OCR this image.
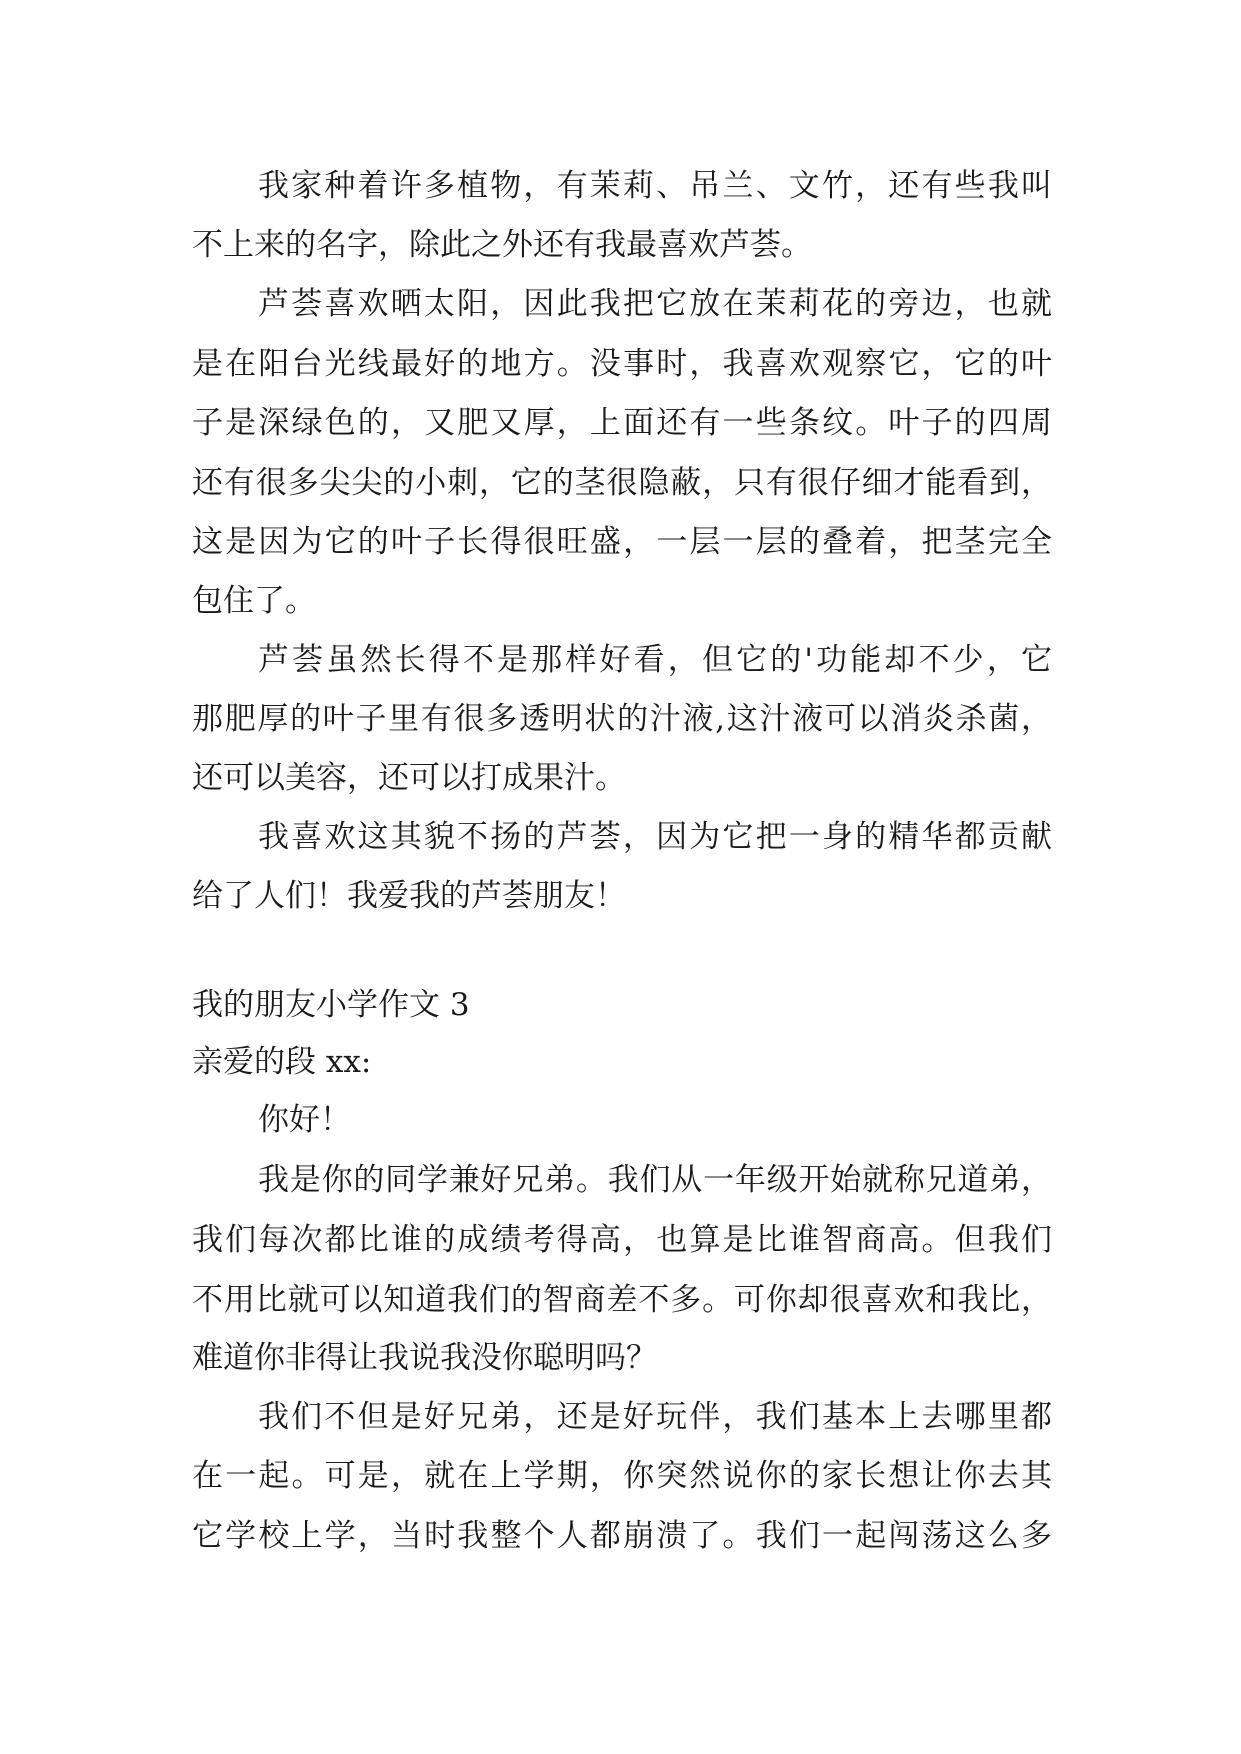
我家种着许多植物，有茉莉、吊兰、文竹，还有些我叫

不上来的名字，除此之外还有我最喜欢芦荟。

芦荟喜欢晒太阳，因此我把它放在茉莉花的旁边，也就

是在阳台光线最好的地方。没事时，我喜欢观察它，它的叶

子是深绿色的，又肥又厚，上面还有一些条纹。叶子的四周

还有很多尖尖的小刺，它的茎很隐蔽，只有很仔细才能看到，

这是因为它的叶子长得很旺盛，一层一层的叠着，把茎完全

包住了。

芦荟虽然长得不是那样好看，但它的'功能却不少，它

那肥厚的叶子里有很多透明状的汁液,这汁液可以消炎杀菌，

还可以美容，还可以打成果汁。

我喜欢这其貌不扬的芦荟，因为它把一身的精华都贡献

给了人们！我爱我的芦荟朋友！

我的朋友小学作文 3

亲爱的段 xx:

你好！

我是你的同学兼好兄弟。我们从一年级开始就称兄道弟，

我们每次都比谁的成绩考得高，也算是比谁智商高。但我们

不用比就可以知道我们的智商差不多。可你却很喜欢和我比，

难道你非得让我说我没你聪明吗？

我们不但是好兄弟，还是好玩伴，我们基本上去哪里都

在一起。可是，就在上学期，你突然说你的家长想让你去其

它学校上学，当时我整个人都崩溃了。我们一起闯荡这么多
